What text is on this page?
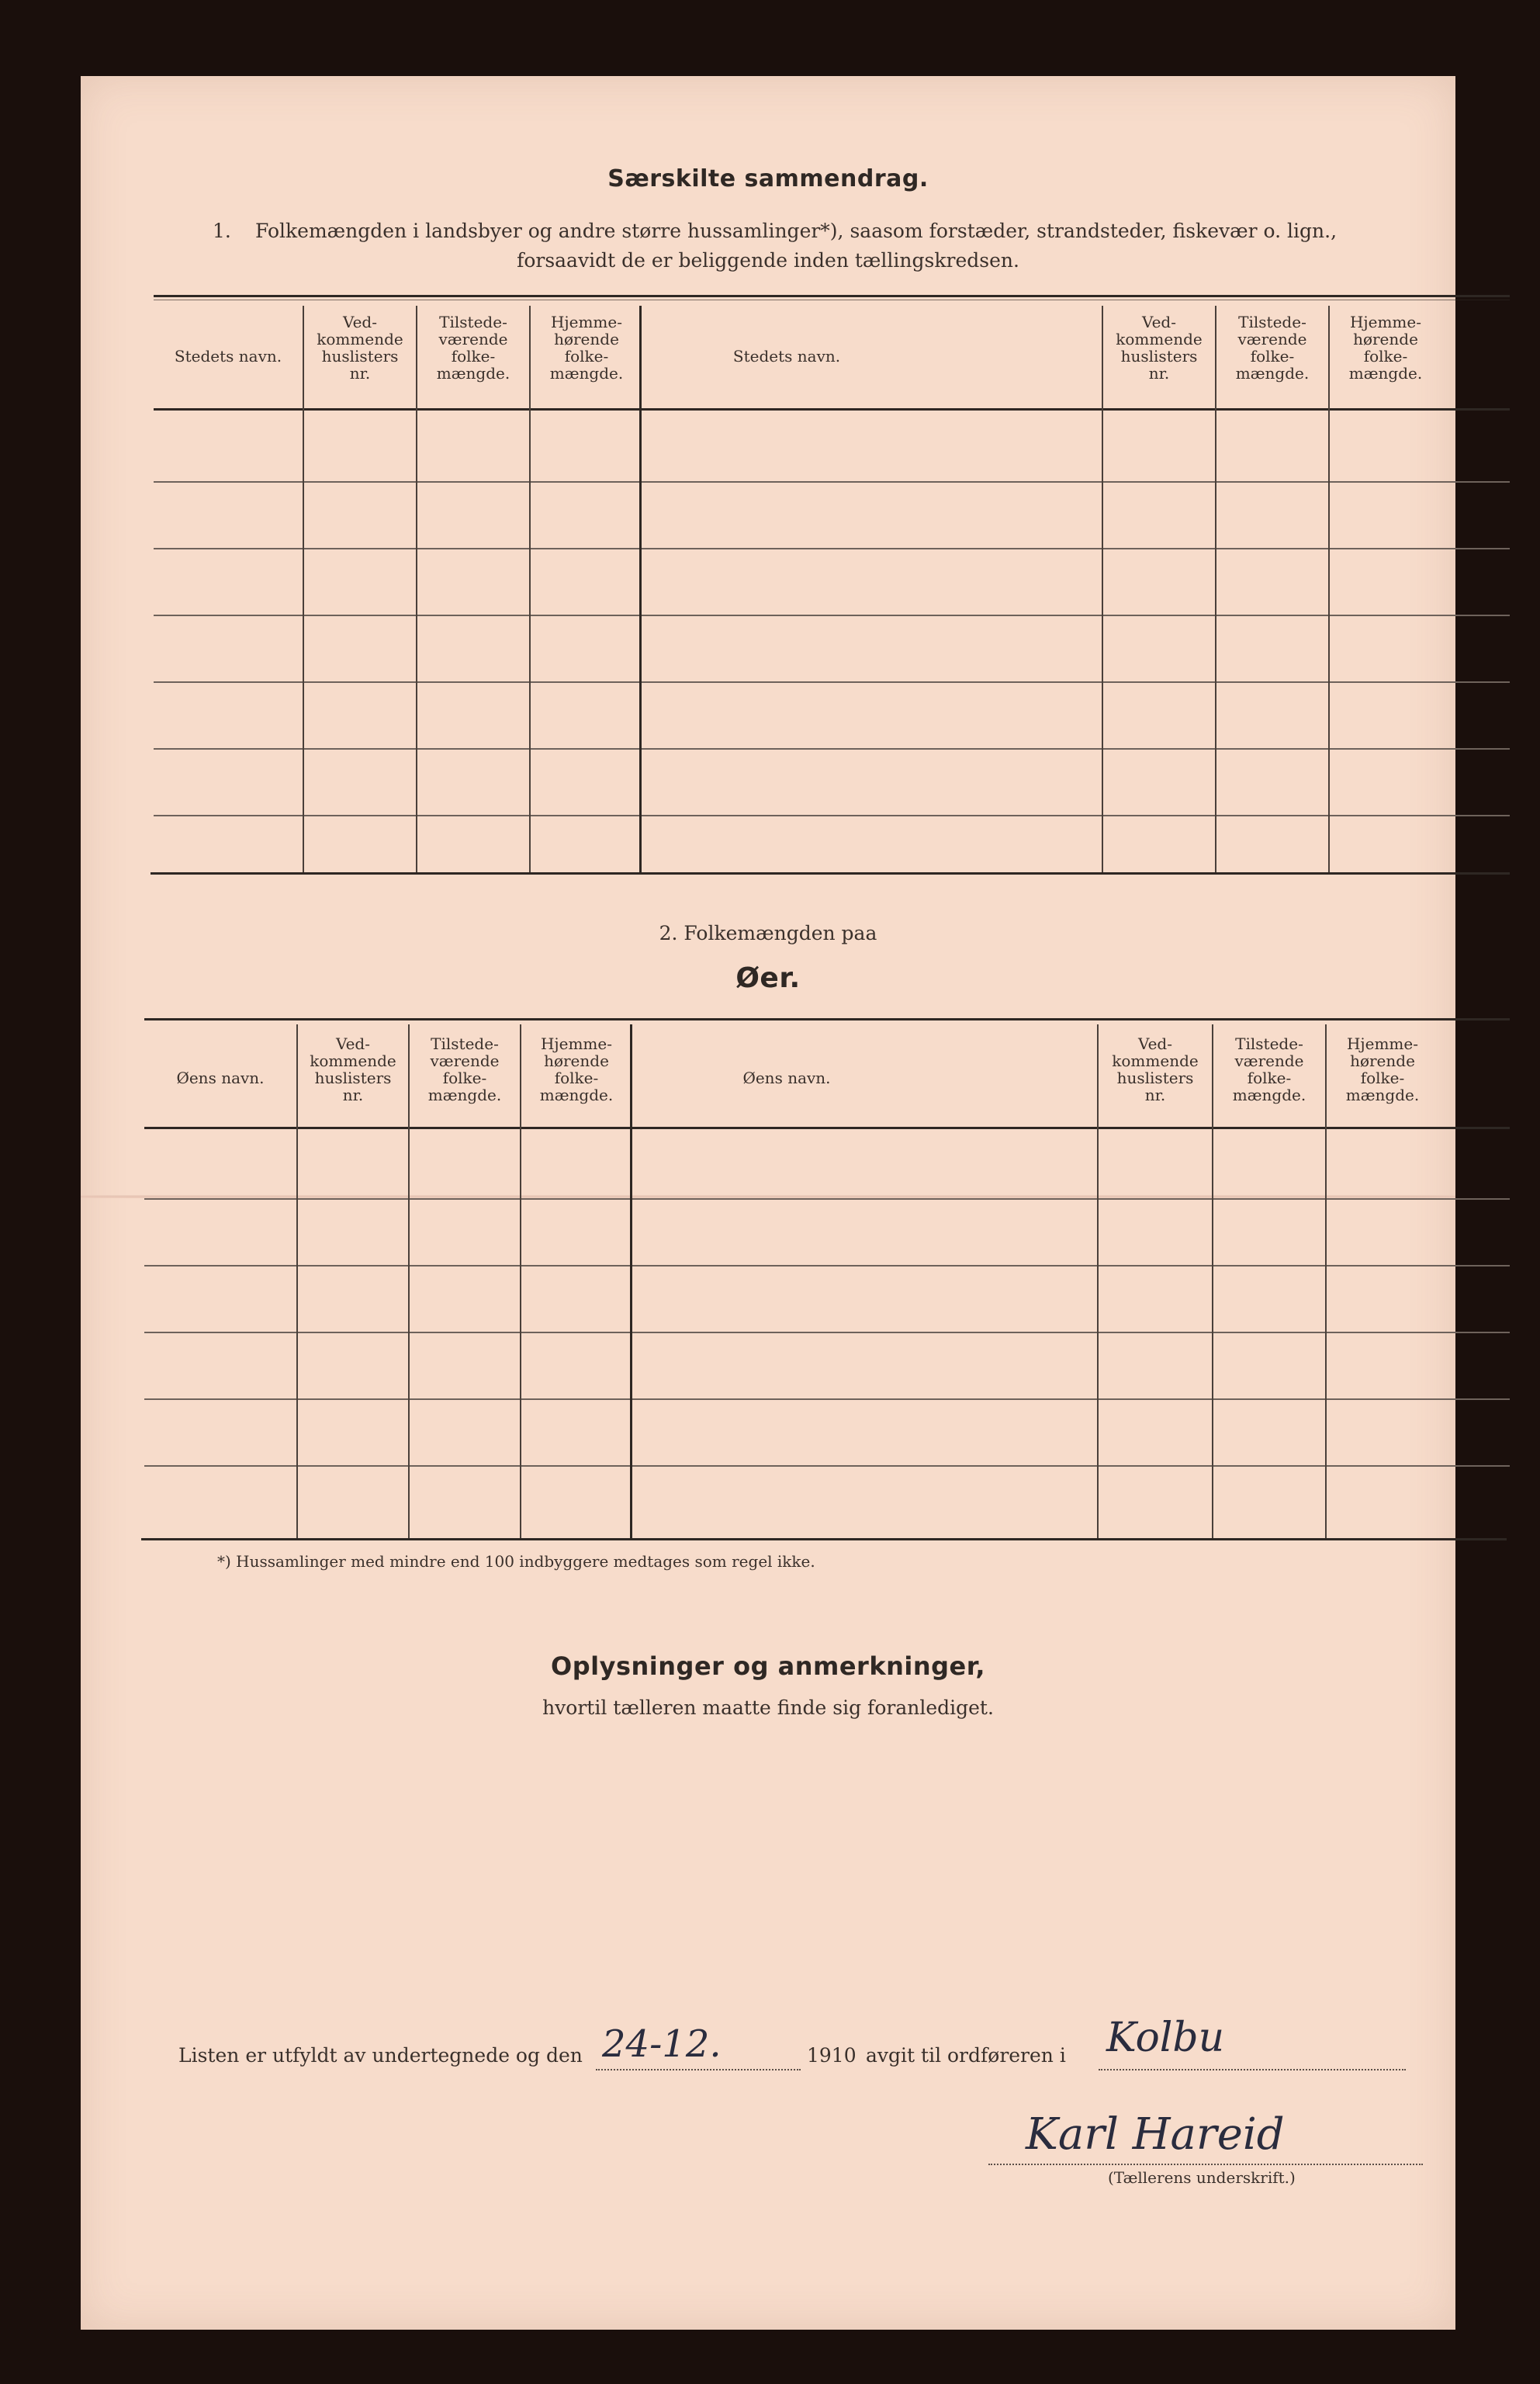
Særskilte sammendrag.
1. Folkemængden i landsbyer og andre større hussamlinger*), saasom forstæder, strandsteder, fiskevær o. lign.,
forsaavidt de er beliggende inden tællingskredsen.
Stedets navn.
Ved-
kommende
huslisters
nr.
Tilstede-
værende
folke-
mængde.
Hjemme-
hørende
folke-
mængde.
Stedets navn.
Ved-
kommende
huslisters
nr.
Tilstede-
værende
folke-
mængde.
Hjemme-
hørende
folke-
mængde.
2. Folkemængden paa
Øer.
Øens navn.
Ved-
kommende
huslisters
nr.
Tilstede-
værende
folke-
mængde.
Hjemme-
hørende
folke-
mængde.
Øens navn.
Ved-
kommende
huslisters
nr.
Tilstede-
værende
folke-
mængde.
Hjemme-
hørende
folke-
mængde.
*) Hussamlinger med mindre end 100 indbyggere medtages som regel ikke.
Oplysninger og anmerkninger,
hvortil tælleren maatte finde sig foranlediget.
Listen er utfyldt av undertegnede og den 24-12.	1910 avgit til ordføreren i Kolbu
Karl Hareid
(Tællerens underskrift.)
